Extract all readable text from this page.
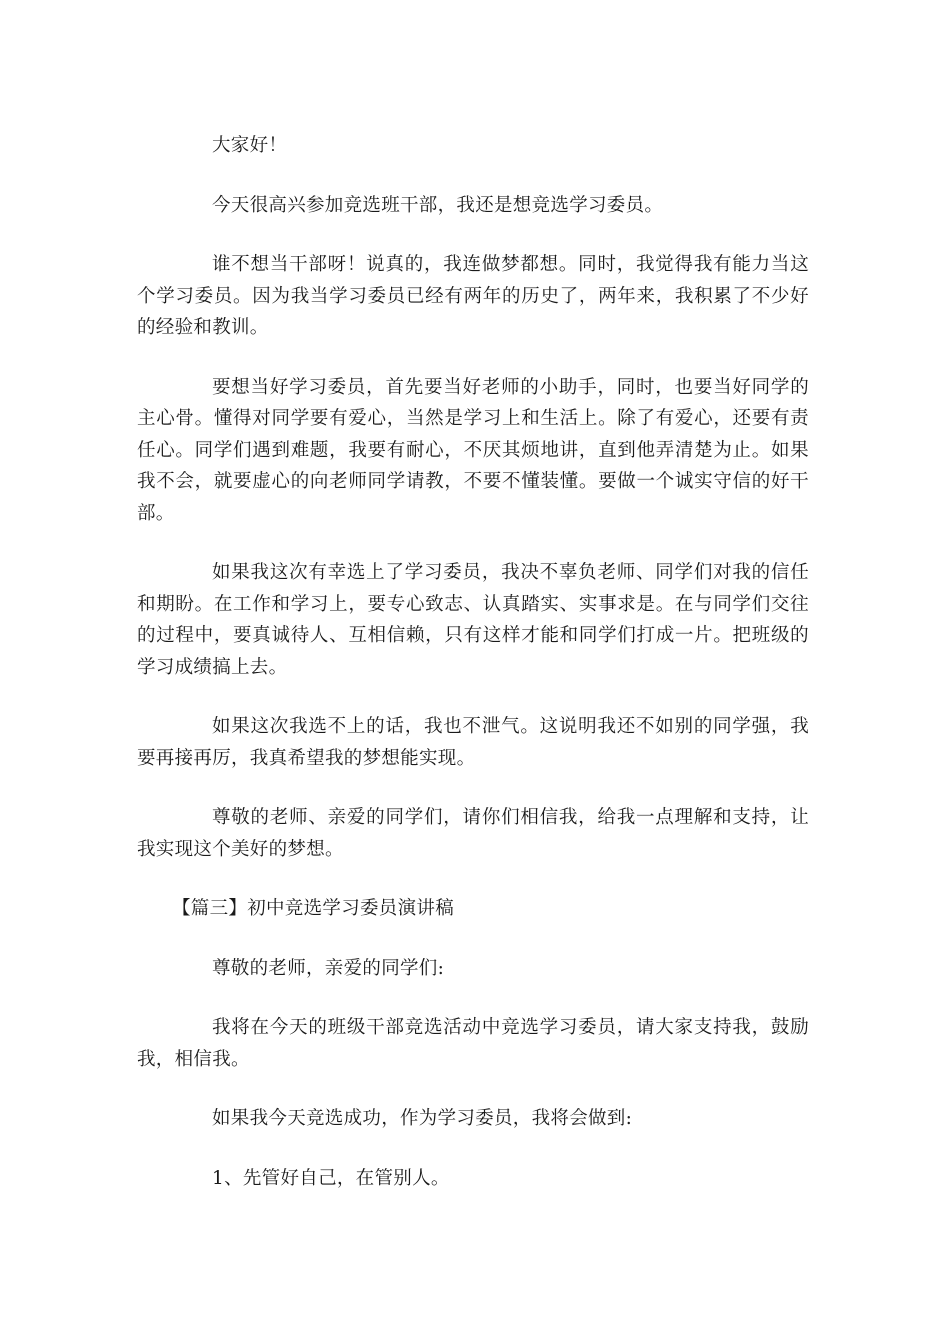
大家好！

今天很高兴参加竞选班干部，我还是想竞选学习委员。

谁不想当干部呀！说真的，我连做梦都想。同时，我觉得我有能力当这个学习委员。因为我当学习委员已经有两年的历史了，两年来，我积累了不少好的经验和教训。

要想当好学习委员，首先要当好老师的小助手，同时，也要当好同学的主心骨。懂得对同学要有爱心，当然是学习上和生活上。除了有爱心，还要有责任心。同学们遇到难题，我要有耐心，不厌其烦地讲，直到他弄清楚为止。如果我不会，就要虚心的向老师同学请教，不要不懂装懂。要做一个诚实守信的好干部。

如果我这次有幸选上了学习委员，我决不辜负老师、同学们对我的信任和期盼。在工作和学习上，要专心致志、认真踏实、实事求是。在与同学们交往的过程中，要真诚待人、互相信赖，只有这样才能和同学们打成一片。把班级的学习成绩搞上去。

如果这次我选不上的话，我也不泄气。这说明我还不如别的同学强，我要再接再厉，我真希望我的梦想能实现。

尊敬的老师、亲爱的同学们，请你们相信我，给我一点理解和支持，让我实现这个美好的梦想。

【篇三】初中竞选学习委员演讲稿

尊敬的老师，亲爱的同学们:

我将在今天的班级干部竞选活动中竞选学习委员，请大家支持我，鼓励我，相信我。

如果我今天竞选成功，作为学习委员，我将会做到:

1、先管好自己，在管别人。
